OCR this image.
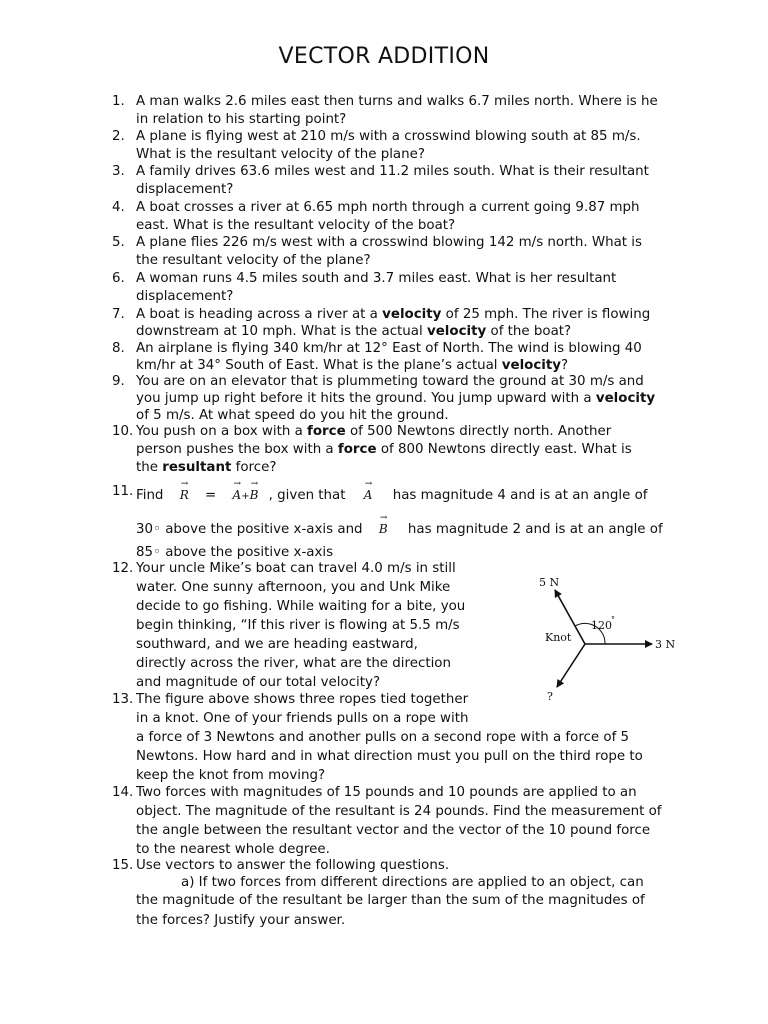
VECTOR ADDITION
1. A man walks 2.6 miles east then turns and walks 6.7 miles north. Where is he
in relation to his starting point?
2. A plane is flying west at 210 m/s with a crosswind blowing south at 85 m/s.
What is the resultant velocity of the plane?
3. A family drives 63.6 miles west and 11.2 miles south. What is their resultant
displacement?
4. A boat crosses a river at 6.65 mph north through a current going 9.87 mph
east. What is the resultant velocity of the boat?
5. A plane flies 226 m/s west with a crosswind blowing 142 m/s north. What is
the resultant velocity of the plane?
6. A woman runs 4.5 miles south and 3.7 miles east. What is her resultant
displacement?
7. A boat is heading across a river at a velocity of 25 mph. The river is flowing
downstream at 10 mph. What is the actual velocity of the boat?
8. An airplane is flying 340 km/hr at 12° East of North. The wind is blowing 40
km/hr at 34° South of East. What is the plane’s actual velocity?
9. You are on an elevator that is plummeting toward the ground at 30 m/s and
you jump up right before it hits the ground. You jump upward with a velocity
of 5 m/s. At what speed do you hit the ground.
10. You push on a box with a force of 500 Newtons directly north. Another
person pushes the box with a force of 800 Newtons directly east. What is
the resultant force?
11. Find → R = → A+→ B , given that → A has magnitude 4 and is at an angle of
30◦ above the positive x-axis and → B has magnitude 2 and is at an angle of
85◦ above the positive x-axis
12. Your uncle Mike’s boat can travel 4.0 m/s in still
water. One sunny afternoon, you and Unk Mike
decide to go fishing. While waiting for a bite, you
begin thinking, “If this river is flowing at 5.5 m/s
southward, and we are heading eastward,
directly across the river, what are the direction
and magnitude of our total velocity?
13. The figure above shows three ropes tied together
in a knot. One of your friends pulls on a rope with
a force of 3 Newtons and another pulls on a second rope with a force of 5
Newtons. How hard and in what direction must you pull on the third rope to
keep the knot from moving?
14. Two forces with magnitudes of 15 pounds and 10 pounds are applied to an
object. The magnitude of the resultant is 24 pounds. Find the measurement of
the angle between the resultant vector and the vector of the 10 pound force
to the nearest whole degree.
15. Use vectors to answer the following questions.
a) If two forces from different directions are applied to an object, can
the magnitude of the resultant be larger than the sum of the magnitudes of
the forces? Justify your answer.
5 N
3 N
Knot
120 °
?
